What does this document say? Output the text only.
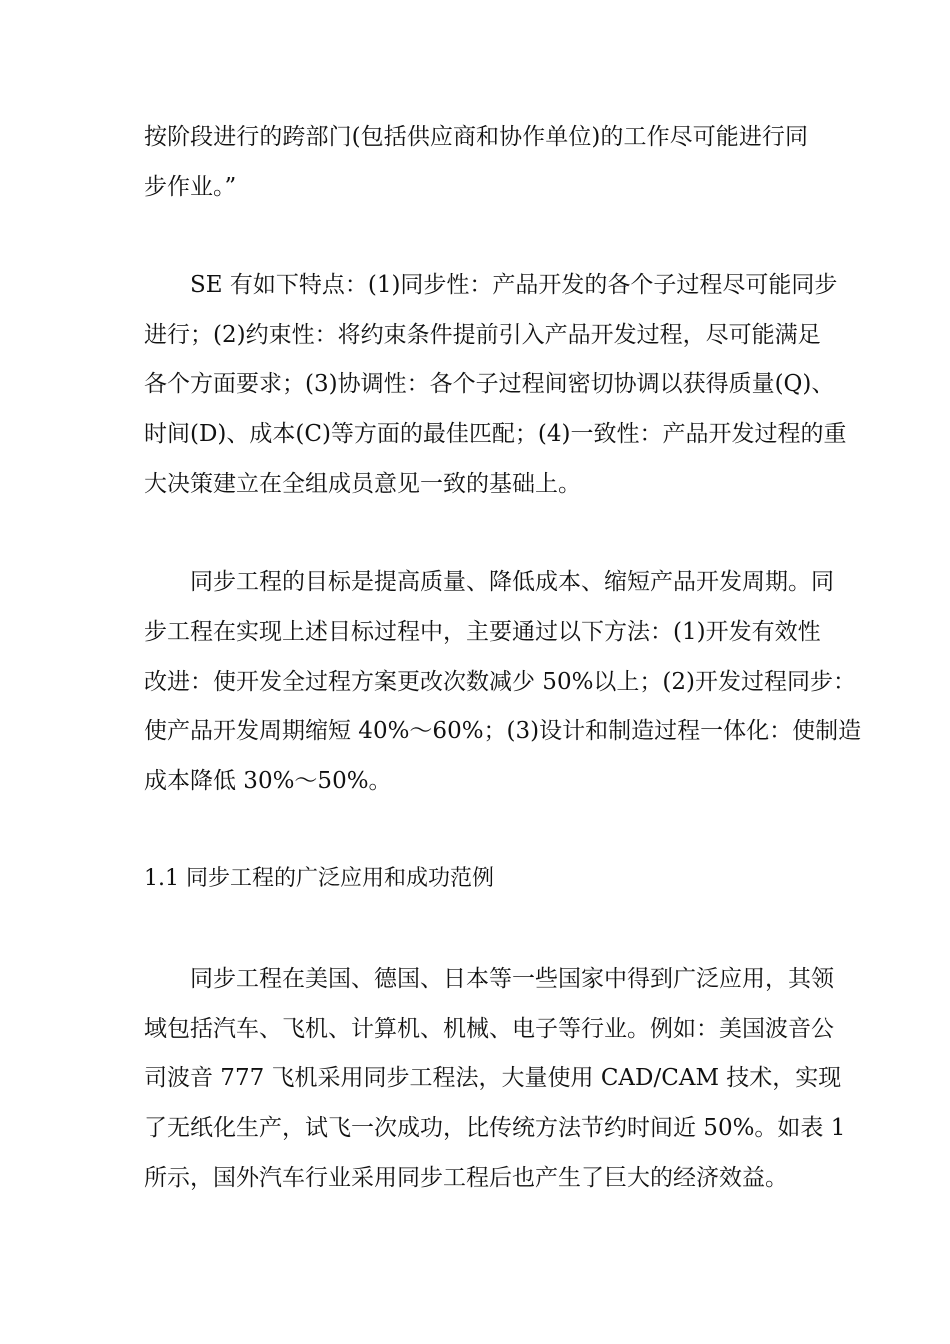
按阶段进行的跨部门(包括供应商和协作单位)的工作尽可能进行同
步作业。”
SE 有如下特点：(1)同步性：产品开发的各个子过程尽可能同步
进行；(2)约束性：将约束条件提前引入产品开发过程，尽可能满足
各个方面要求；(3)协调性：各个子过程间密切协调以获得质量(Q)、
时间(D)、成本(C)等方面的最佳匹配；(4)一致性：产品开发过程的重
大决策建立在全组成员意见一致的基础上。
同步工程的目标是提高质量、降低成本、缩短产品开发周期。同
步工程在实现上述目标过程中，主要通过以下方法：(1)开发有效性
改进：使开发全过程方案更改次数减少 50%以上；(2)开发过程同步：
使产品开发周期缩短 40%～60%；(3)设计和制造过程一体化：使制造
成本降低 30%～50%。
1.1 同步工程的广泛应用和成功范例
同步工程在美国、德国、日本等一些国家中得到广泛应用，其领
域包括汽车、飞机、计算机、机械、电子等行业。例如：美国波音公
司波音 777 飞机采用同步工程法，大量使用 CAD/CAM 技术，实现
了无纸化生产，试飞一次成功，比传统方法节约时间近 50%。如表 1
所示，国外汽车行业采用同步工程后也产生了巨大的经济效益。
